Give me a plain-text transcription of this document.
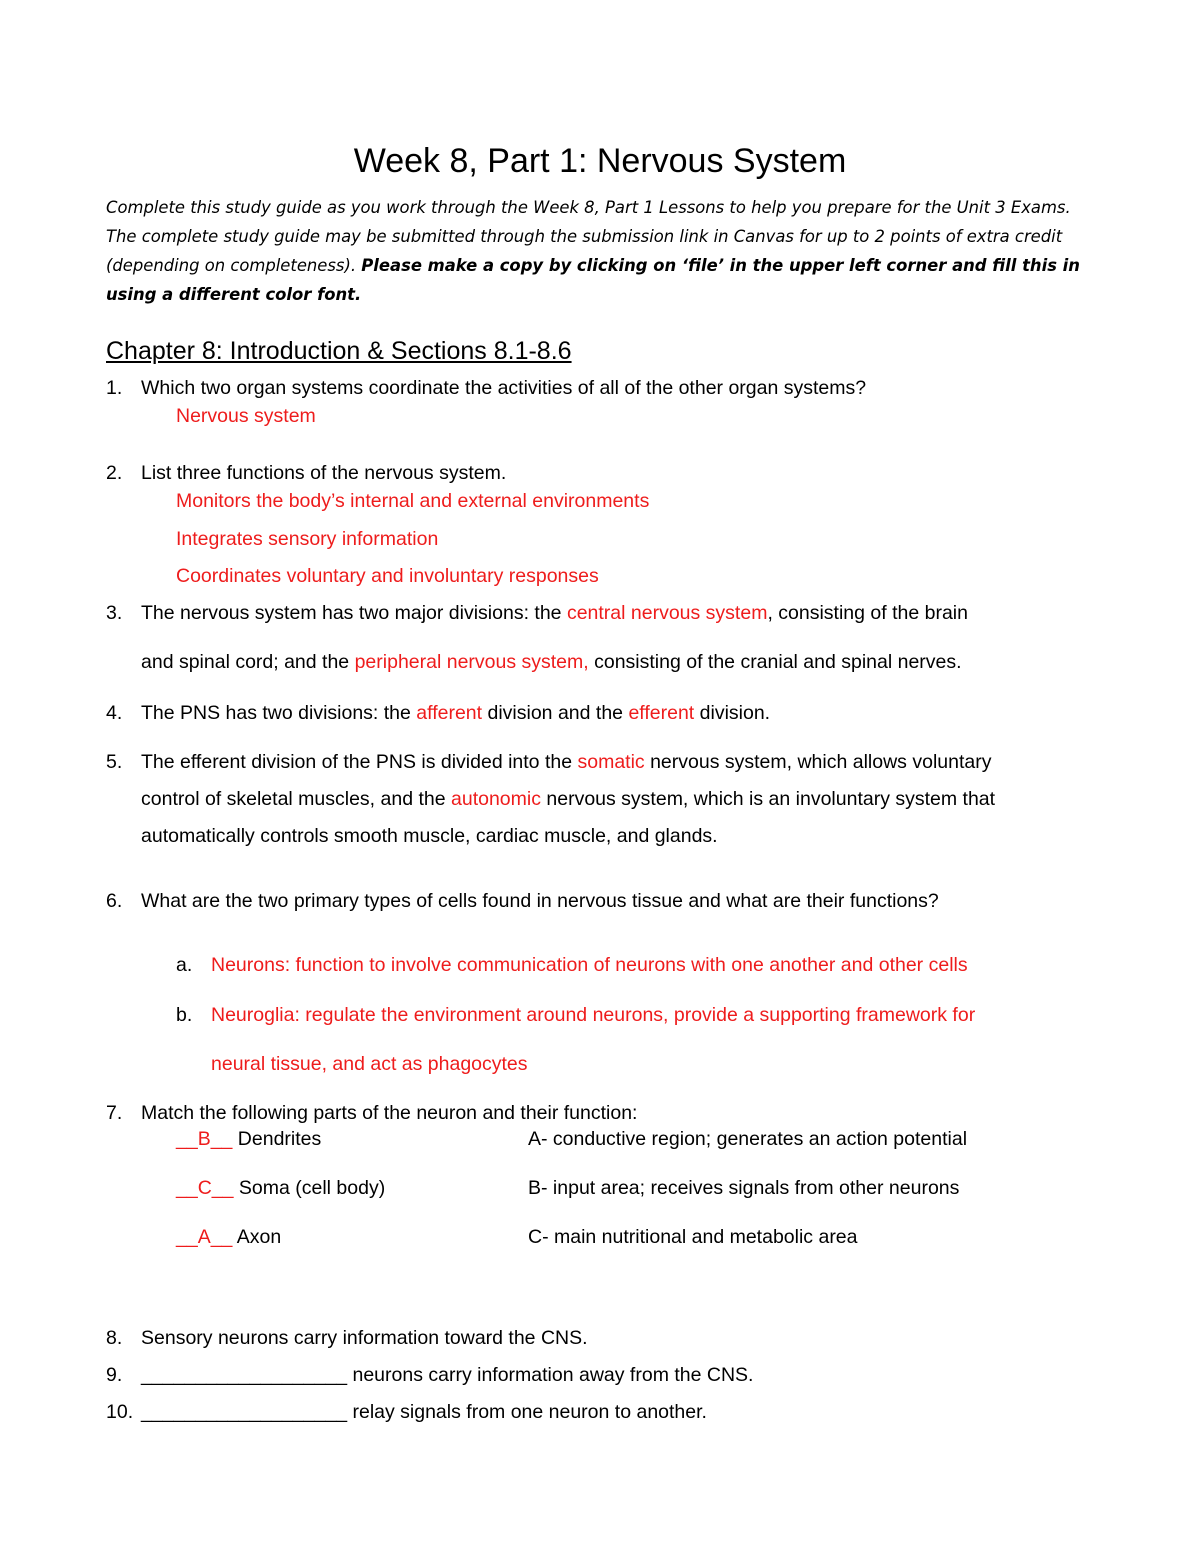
Week 8, Part 1: Nervous System
Complete this study guide as you work through the Week 8, Part 1 Lessons to help you prepare for the Unit 3 Exams. The complete study guide may be submitted through the submission link in Canvas for up to 2 points of extra credit (depending on completeness). Please make a copy by clicking on ‘file’ in the upper left corner and fill this in using a different color font.
Chapter 8: Introduction & Sections 8.1-8.6
1. Which two organ systems coordinate the activities of all of the other organ systems?
Nervous system
2. List three functions of the nervous system.
Monitors the body’s internal and external environments
Integrates sensory information
Coordinates voluntary and involuntary responses
3. The nervous system has two major divisions: the central nervous system, consisting of the brain
and spinal cord; and the peripheral nervous system, consisting of the cranial and spinal nerves.
4. The PNS has two divisions: the afferent division and the efferent division.
5. The efferent division of the PNS is divided into the somatic nervous system, which allows voluntary
control of skeletal muscles, and the autonomic nervous system, which is an involuntary system that
automatically controls smooth muscle, cardiac muscle, and glands.
6. What are the two primary types of cells found in nervous tissue and what are their functions?
a. Neurons: function to involve communication of neurons with one another and other cells
b. Neuroglia: regulate the environment around neurons, provide a supporting framework for
neural tissue, and act as phagocytes
7. Match the following parts of the neuron and their function:
__B__ Dendrites	A- conductive region; generates an action potential
__C__ Soma (cell body)	B- input area; receives signals from other neurons
__A__ Axon	C- main nutritional and metabolic area
8. Sensory neurons carry information toward the CNS.
9. ___________________ neurons carry information away from the CNS.
10. ___________________ relay signals from one neuron to another.
